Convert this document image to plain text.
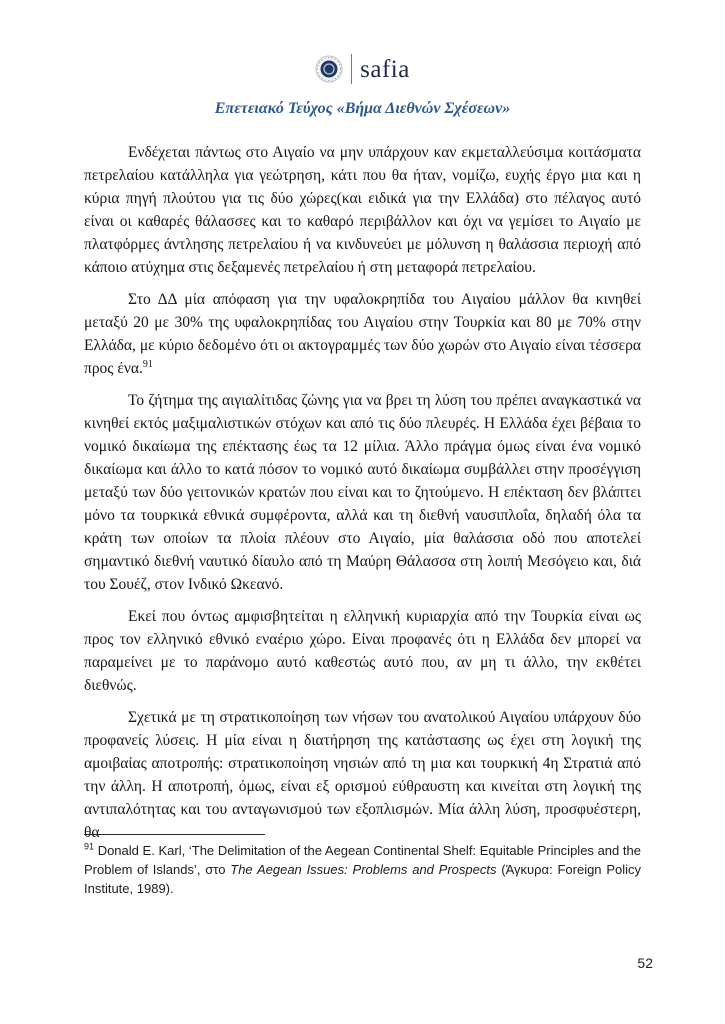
safia
Επετειακό Τεύχος «Βήμα Διεθνών Σχέσεων»

Ενδέχεται πάντως στο Αιγαίο να μην υπάρχουν καν εκμεταλλεύσιμα κοιτάσματα πετρελαίου κατάλληλα για γεώτρηση, κάτι που θα ήταν, νομίζω, ευχής έργο μια και η κύρια πηγή πλούτου για τις δύο χώρες(και ειδικά για την Ελλάδα) στο πέλαγος αυτό είναι οι καθαρές θάλασσες και το καθαρό περιβάλλον και όχι να γεμίσει το Αιγαίο με πλατφόρμες άντλησης πετρελαίου ή να κινδυνεύει με μόλυνση η θαλάσσια περιοχή από κάποιο ατύχημα στις δεξαμενές πετρελαίου ή στη μεταφορά πετρελαίου.

Στο ΔΔ μία απόφαση για την υφαλοκρηπίδα του Αιγαίου μάλλον θα κινηθεί μεταξύ 20 με 30% της υφαλοκρηπίδας του Αιγαίου στην Τουρκία και 80 με 70% στην Ελλάδα, με κύριο δεδομένο ότι οι ακτογραμμές των δύο χωρών στο Αιγαίο είναι τέσσερα προς ένα.$^{91}$

Το ζήτημα της αιγιαλίτιδας ζώνης για να βρει τη λύση του πρέπει αναγκαστικά να κινηθεί εκτός μαξιμαλιστικών στόχων και από τις δύο πλευρές. Η Ελλάδα έχει βέβαια το νομικό δικαίωμα της επέκτασης έως τα 12 μίλια. Άλλο πράγμα όμως είναι ένα νομικό δικαίωμα και άλλο το κατά πόσον το νομικό αυτό δικαίωμα συμβάλλει στην προσέγγιση μεταξύ των δύο γειτονικών κρατών που είναι και το ζητούμενο. Η επέκταση δεν βλάπτει μόνο τα τουρκικά εθνικά συμφέροντα, αλλά και τη διεθνή ναυσιπλοΐα, δηλαδή όλα τα κράτη των οποίων τα πλοία πλέουν στο Αιγαίο, μία θαλάσσια οδό που αποτελεί σημαντικό διεθνή ναυτικό δίαυλο από τη Μαύρη Θάλασσα στη λοιπή Μεσόγειο και, διά του Σουέζ, στον Ινδικό Ωκεανό.

Εκεί που όντως αμφισβητείται η ελληνική κυριαρχία από την Τουρκία είναι ως προς τον ελληνικό εθνικό εναέριο χώρο. Είναι προφανές ότι η Ελλάδα δεν μπορεί να παραμείνει με το παράνομο αυτό καθεστώς αυτό που, αν μη τι άλλο, την εκθέτει διεθνώς.

Σχετικά με τη στρατικοποίηση των νήσων του ανατολικού Αιγαίου υπάρχουν δύο προφανείς λύσεις. Η μία είναι η διατήρηση της κατάστασης ως έχει στη λογική της αμοιβαίας αποτροπής: στρατικοποίηση νησιών από τη μια και τουρκική 4η Στρατιά από την άλλη. Η αποτροπή, όμως, είναι εξ ορισμού εύθραυστη και κινείται στη λογική της αντιπαλότητας και του ανταγωνισμού των εξοπλισμών. Μία άλλη λύση, προσφυέστερη, θα

$^{91}$ Donald E. Karl, ‘The Delimitation of the Aegean Continental Shelf: Equitable Principles and the Problem of Islands’, στο The Aegean Issues: Problems and Prospects (Άγκυρα: Foreign Policy Institute, 1989).

52
